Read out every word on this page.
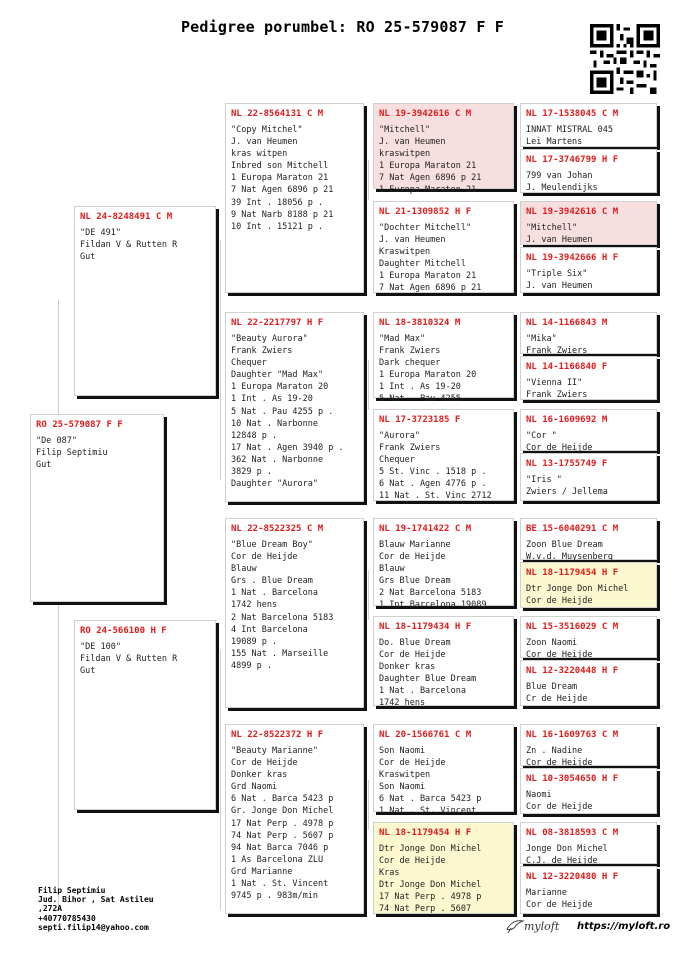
Pedigree porumbel: RO 25-579087 F F
RO 25-579087 F F
"De 087"
Filip Septimiu
Gut
NL 24-8248491 C M
"DE 491"
Fildan V & Rutten R
Gut
RO 24-566100 H F
"DE 100"
Fildan V & Rutten R
Gut
NL 22-8564131 C M
"Copy Mitchel"
J. van Heumen
kras witpen
Inbred son Mitchell
1 Europa Maraton 21
7 Nat Agen 6896 p 21
39 Int . 18056 p .
9 Nat Narb 8188 p 21
10 Int . 15121 p .
NL 22-2217797 H F
"Beauty Aurora"
Frank Zwiers
Chequer
Daughter "Mad Max"
1 Europa Maraton 20
1 Int . As 19-20
5 Nat . Pau 4255 p .
10 Nat . Narbonne
12848 p .
17 Nat . Agen 3940 p .
362 Nat . Narbonne
3829 p .
Daughter "Aurora"
NL 22-8522325 C M
"Blue Dream Boy"
Cor de Heijde
Blauw
Grs . Blue Dream
1 Nat . Barcelona
1742 hens
2 Nat Barcelona 5183
4 Int Barcelona
19089 p .
155 Nat . Marseille
4899 p .
NL 22-8522372 H F
"Beauty Marianne"
Cor de Heijde
Donker kras
Grd Naomi
6 Nat . Barca 5423 p
Gr. Jonge Don Michel
17 Nat Perp . 4978 p
74 Nat Perp . 5607 p
94 Nat Barca 7046 p
1 As Barcelona ZLU
Grd Marianne
1 Nat . St. Vincent
9745 p . 983m/min
NL 19-3942616 C M
"Mitchell"
J. van Heumen
kraswitpen
1 Europa Maraton 21
7 Nat Agen 6896 p 21
1 Europa Maraton 21
NL 21-1309852 H F
"Dochter Mitchell"
J. van Heumen
Kraswitpen
Daughter Mitchell
1 Europa Maraton 21
7 Nat Agen 6896 p 21
NL 18-3810324 M
"Mad Max"
Frank Zwiers
Dark chequer
1 Europa Maraton 20
1 Int . As 19-20
5 Nat . Pau 4255
NL 17-3723185 F
"Aurora"
Frank Zwiers
Chequer
5 St. Vinc . 1518 p .
6 Nat . Agen 4776 p .
11 Nat . St. Vinc 2712
NL 19-1741422 C M
Blauw Marianne
Cor de Heijde
Blauw
Grs Blue Dream
2 Nat Barcelona 5183
1 Int Barcelona 19089
NL 18-1179434 H F
Do. Blue Dream
Cor de Heijde
Donker kras
Daughter Blue Dream
1 Nat . Barcelona
1742 hens
NL 20-1566761 C M
Son Naomi
Cor de Heijde
Kraswitpen
Son Naomi
6 Nat . Barca 5423 p
1 Nat . St. Vincent
NL 18-1179454 H F
Dtr Jonge Don Michel
Cor de Heijde
Kras
Dtr Jonge Don Michel
17 Nat Perp . 4978 p
74 Nat Perp . 5607
NL 17-1538045 C M
INNAT MISTRAL 045
Lei Martens
NL 17-3746799 H F
799 van Johan
J. Meulendijks
NL 19-3942616 C M
"Mitchell"
J. van Heumen
NL 19-3942666 H F
"Triple Six"
J. van Heumen
NL 14-1166843 M
"Mika"
Frank Zwiers
NL 14-1166840 F
"Vienna II"
Frank Zwiers
NL 16-1609692 M
"Cor "
Cor de Heijde
NL 13-1755749 F
"Iris "
Zwiers / Jellema
BE 15-6040291 C M
Zoon Blue Dream
W.v.d. Muysenberg
NL 18-1179454 H F
Dtr Jonge Don Michel
Cor de Heijde
NL 15-3516029 C M
Zoon Naomi
Cor de Heijde
NL 12-3220448 H F
Blue Dream
Cr de Heijde
NL 16-1609763 C M
Zn . Nadine
Cor de Heijde
NL 10-3054650 H F
Naomi
Cor de Heijde
NL 08-3818593 C M
Jonge Don Michel
C.J. de Heijde
NL 12-3220480 H F
Marianne
Cor de Heijde
Filip Septimiu
Jud. Bihor , Sat Astileu
,272A
+40770785430
septi.filip14@yahoo.com	myloft https://myloft.ro
